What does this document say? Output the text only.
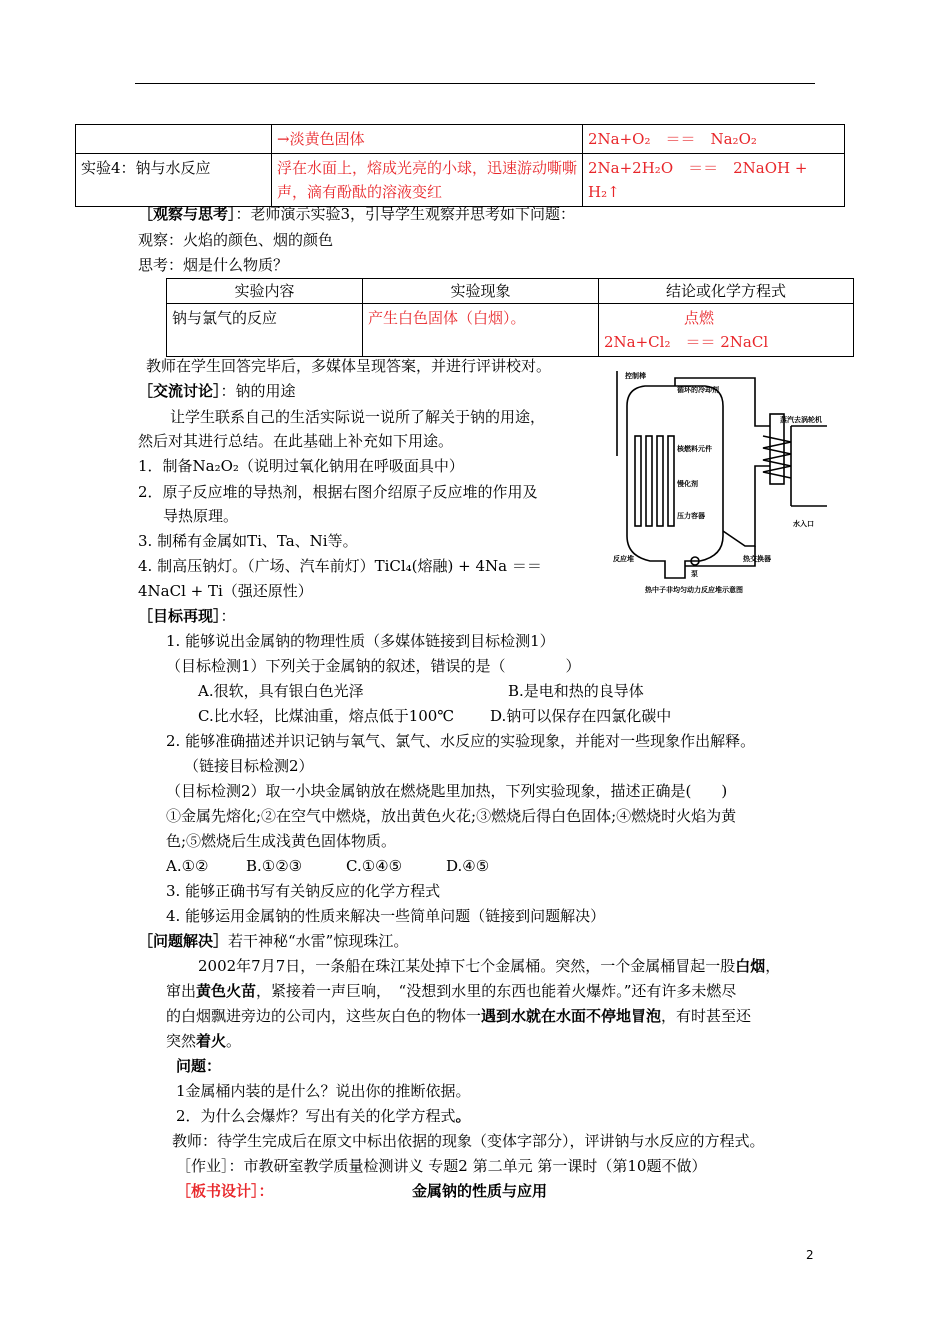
	→淡黄色固体	2Na+O₂　＝＝　Na₂O₂
实验4：钠与水反应	浮在水面上，熔成光亮的小球，迅速游动嘶嘶声，滴有酚酞的溶液变红	2Na+2H₂O　＝＝　2NaOH + H₂↑
［观察与思考］：老师演示实验3，引导学生观察并思考如下问题：
观察：火焰的颜色、烟的颜色
思考：烟是什么物质？
实验内容	实验现象	结论或化学方程式
钠与氯气的反应	产生白色固体（白烟）。	点燃
2Na+Cl₂　＝＝ 2NaCl
教师在学生回答完毕后，多媒体呈现答案，并进行评讲校对。
［交流讨论］：钠的用途
让学生联系自己的生活实际说一说所了解关于钠的用途，
然后对其进行总结。在此基础上补充如下用途。
1．制备Na₂O₂（说明过氧化钠用在呼吸面具中）
2．原子反应堆的导热剂，根据右图介绍原子反应堆的作用及
导热原理。
3. 制稀有金属如Ti、Ta、Ni等。
4. 制高压钠灯。（广场、汽车前灯）TiCl₄(熔融) + 4Na ＝＝
4NaCl + Ti（强还原性）
控制棒
循环的冷却剂
蒸汽去涡轮机
核燃料元件
慢化剂
压力容器
水入口
反应堆	热交换器
泵
热中子非均匀动力反应堆示意图
［目标再现］：
1. 能够说出金属钠的物理性质（多媒体链接到目标检测1）
（目标检测1）下列关于金属钠的叙述，错误的是（　　　　）
A.很软，具有银白色光泽	B.是电和热的良导体
C.比水轻，比煤油重，熔点低于100℃ D.钠可以保存在四氯化碳中
2. 能够准确描述并识记钠与氧气、氯气、水反应的实验现象，并能对一些现象作出解释。
（链接目标检测2）
（目标检测2）取一小块金属钠放在燃烧匙里加热，下列实验现象，描述正确是(　　)
①金属先熔化;②在空气中燃烧，放出黄色火花;③燃烧后得白色固体;④燃烧时火焰为黄
色;⑤燃烧后生成浅黄色固体物质。
A.①②	B.①②③	C.①④⑤	D.④⑤
3. 能够正确书写有关钠反应的化学方程式
4. 能够运用金属钠的性质来解决一些简单问题（链接到问题解决）
［问题解决］若干神秘“水雷”惊现珠江。
2002年7月7日，一条船在珠江某处掉下七个金属桶。突然，一个金属桶冒起一股白烟，
窜出黄色火苗，紧接着一声巨响，　“没想到水里的东西也能着火爆炸。”还有许多未燃尽
的白烟飘进旁边的公司内，这些灰白色的物体一遇到水就在水面不停地冒泡，有时甚至还
突然着火。
问题：
1金属桶内装的是什么？说出你的推断依据。
2．为什么会爆炸？写出有关的化学方程式。
教师：待学生完成后在原文中标出依据的现象（变体字部分），评讲钠与水反应的方程式。
［作业］：市教研室教学质量检测讲义 专题2 第二单元 第一课时（第10题不做）
［板书设计］：	金属钠的性质与应用
2
